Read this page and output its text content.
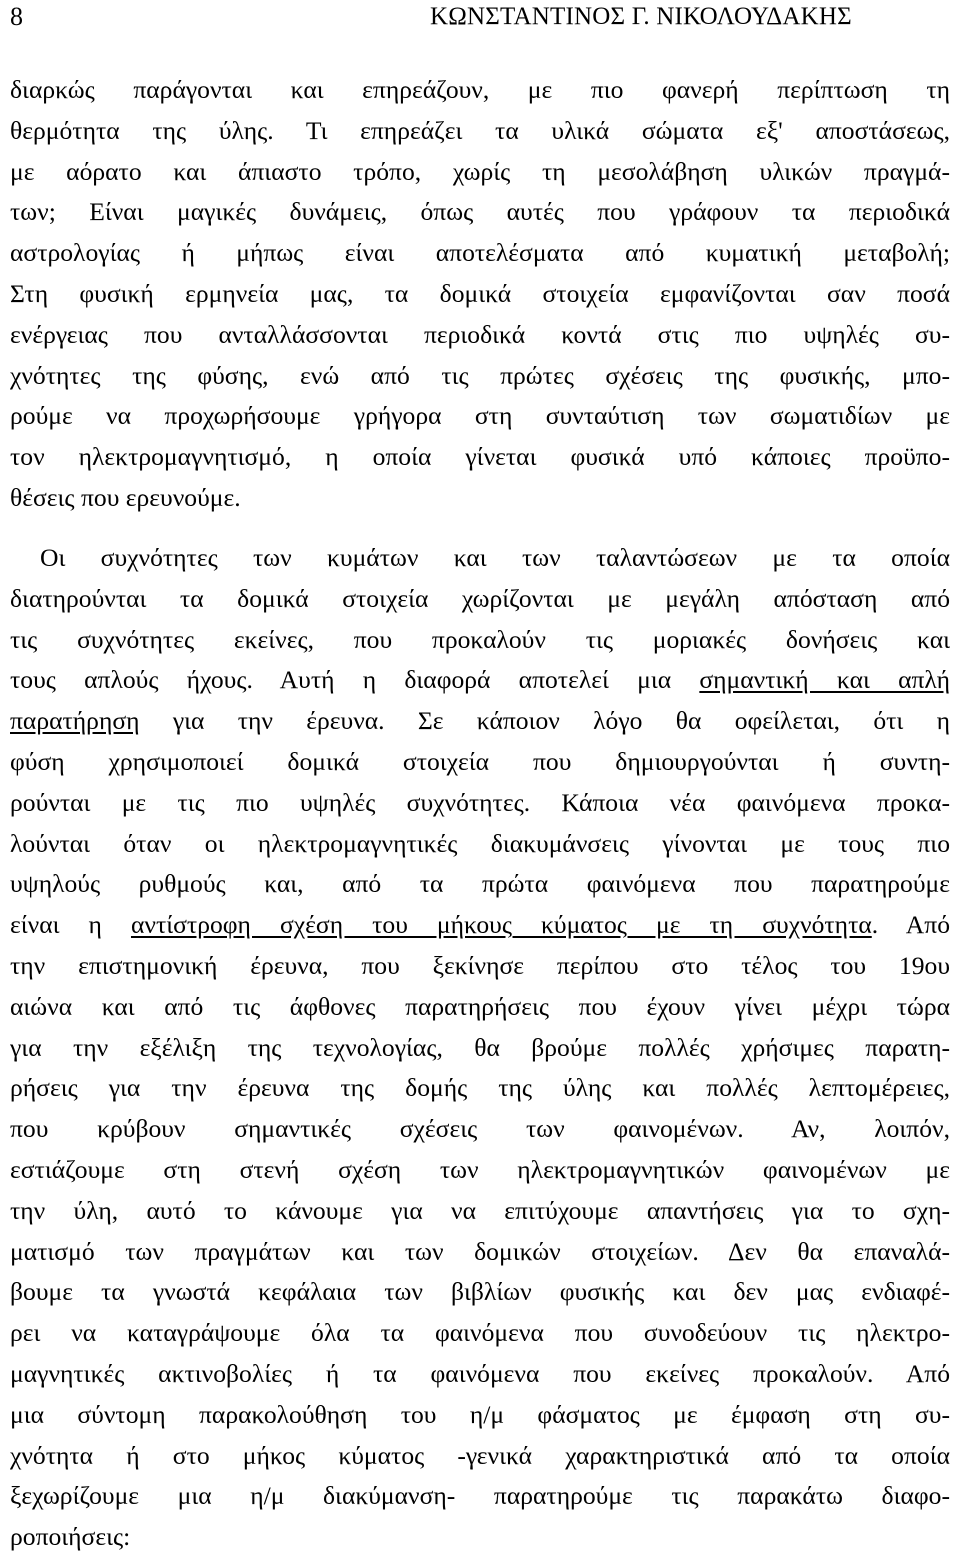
8	ΚΩΝΣΤΑΝΤΙΝΟΣ Γ. ΝΙΚΟΛΟΥΔΑΚΗΣ
διαρκώς παράγονται και επηρεάζουν, με πιο φανερή περίπτωση τη
θερμότητα της ύλης. Τι επηρεάζει τα υλικά σώματα εξ' αποστάσεως,
με αόρατο και άπιαστο τρόπο, χωρίς τη μεσολάβηση υλικών πραγμά-
των; Είναι μαγικές δυνάμεις, όπως αυτές που γράφουν τα περιοδικά
αστρολογίας ή μήπως είναι αποτελέσματα από κυματική μεταβολή;
Στη φυσική ερμηνεία μας, τα δομικά στοιχεία εμφανίζονται σαν ποσά
ενέργειας που ανταλλάσσονται περιοδικά κοντά στις πιο υψηλές συ-
χνότητες της φύσης, ενώ από τις πρώτες σχέσεις της φυσικής, μπο-
ρούμε να προχωρήσουμε γρήγορα στη συνταύτιση των σωματιδίων με
τον ηλεκτρομαγνητισμό, η οποία γίνεται φυσικά υπό κάποιες προϋπο-
θέσεις που ερευνούμε.
Οι συχνότητες των κυμάτων και των ταλαντώσεων με τα οποία
διατηρούνται τα δομικά στοιχεία χωρίζονται με μεγάλη απόσταση από
τις συχνότητες εκείνες, που προκαλούν τις μοριακές δονήσεις και
τους απλούς ήχους. Αυτή η διαφορά αποτελεί μια σημαντική και απλή
παρατήρηση για την έρευνα. Σε κάποιον λόγο θα οφείλεται, ότι η
φύση χρησιμοποιεί δομικά στοιχεία που δημιουργούνται ή συντη-
ρούνται με τις πιο υψηλές συχνότητες. Κάποια νέα φαινόμενα προκα-
λούνται όταν οι ηλεκτρομαγνητικές διακυμάνσεις γίνονται με τους πιο
υψηλούς ρυθμούς και, από τα πρώτα φαινόμενα που παρατηρούμε
είναι η αντίστροφη σχέση του μήκους κύματος με τη συχνότητα. Από
την επιστημονική έρευνα, που ξεκίνησε περίπου στο τέλος του 19ου
αιώνα και από τις άφθονες παρατηρήσεις που έχουν γίνει μέχρι τώρα
για την εξέλιξη της τεχνολογίας, θα βρούμε πολλές χρήσιμες παρατη-
ρήσεις για την έρευνα της δομής της ύλης και πολλές λεπτομέρειες,
που κρύβουν σημαντικές σχέσεις των φαινομένων. Αν, λοιπόν,
εστιάζουμε στη στενή σχέση των ηλεκτρομαγνητικών φαινομένων με
την ύλη, αυτό το κάνουμε για να επιτύχουμε απαντήσεις για το σχη-
ματισμό των πραγμάτων και των δομικών στοιχείων. Δεν θα επαναλά-
βουμε τα γνωστά κεφάλαια των βιβλίων φυσικής και δεν μας ενδιαφέ-
ρει να καταγράψουμε όλα τα φαινόμενα που συνοδεύουν τις ηλεκτρο-
μαγνητικές ακτινοβολίες ή τα φαινόμενα που εκείνες προκαλούν. Από
μια σύντομη παρακολούθηση του η/μ φάσματος με έμφαση στη συ-
χνότητα ή στο μήκος κύματος -γενικά χαρακτηριστικά από τα οποία
ξεχωρίζουμε μια η/μ διακύμανση- παρατηρούμε τις παρακάτω διαφο-
ροποιήσεις:
